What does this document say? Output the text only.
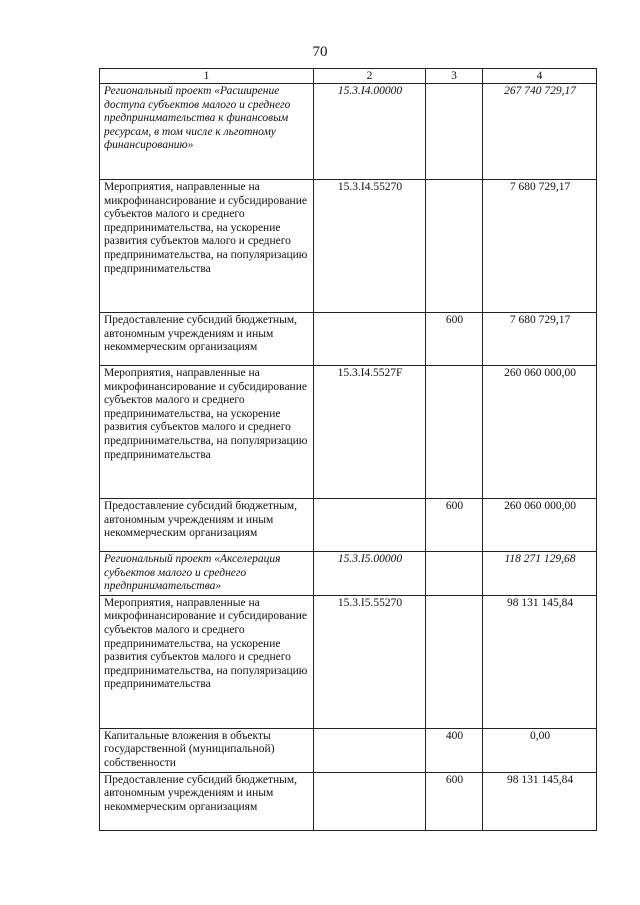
70
1	2	3	4
Региональный проект «Расширение доступа субъектов малого и среднего предпринимательства к финансовым ресурсам, в том числе к льготному финансированию»	15.3.I4.00000		267 740 729,17
Мероприятия, направленные на микрофинансирование и субсидирование субъектов малого и среднего предпринимательства, на ускорение развития субъектов малого и среднего предпринимательства, на популяризацию предпринимательства	15.3.I4.55270		7 680 729,17
Предоставление субсидий бюджетным, автономным учреждениям и иным некоммерческим организациям		600	7 680 729,17
Мероприятия, направленные на микрофинансирование и субсидирование субъектов малого и среднего предпринимательства, на ускорение развития субъектов малого и среднего предпринимательства, на популяризацию предпринимательства	15.3.I4.5527F		260 060 000,00
Предоставление субсидий бюджетным, автономным учреждениям и иным некоммерческим организациям		600	260 060 000,00
Региональный проект «Акселерация субъектов малого и среднего предпринимательства»	15.3.I5.00000		118 271 129,68
Мероприятия, направленные на микрофинансирование и субсидирование субъектов малого и среднего предпринимательства, на ускорение развития субъектов малого и среднего предпринимательства, на популяризацию предпринимательства	15.3.I5.55270		98 131 145,84
Капитальные вложения в объекты государственной (муниципальной) собственности		400	0,00
Предоставление субсидий бюджетным, автономным учреждениям и иным некоммерческим организациям		600	98 131 145,84
